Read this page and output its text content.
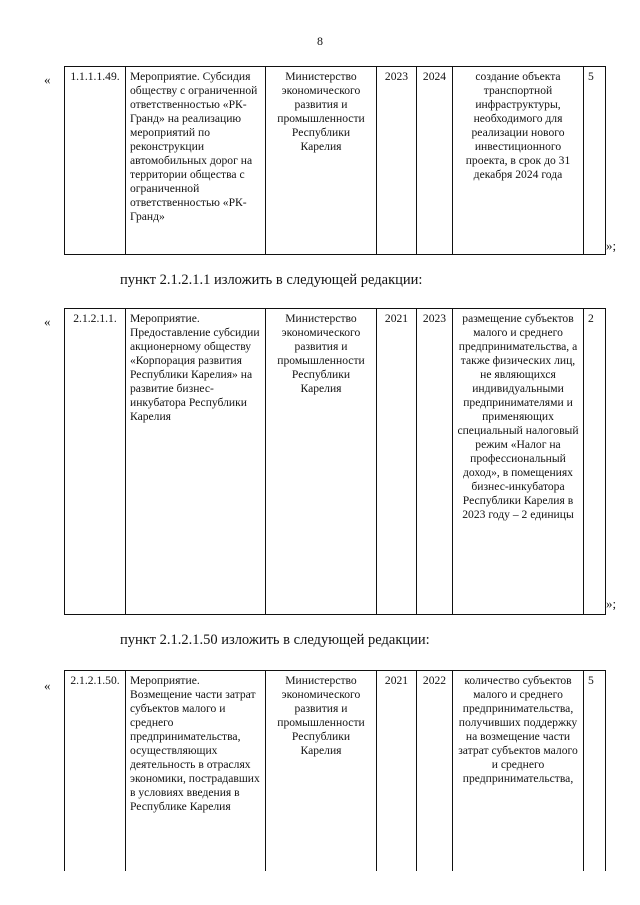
8
« 1.1.1.1.49.	Мероприятие. Субсидия обществу с ограниченной ответственностью «РК-Гранд» на реализацию мероприятий по реконструкции автомобильных дорог на территории общества с ограниченной ответственностью «РК-Гранд»	Министерство экономического развития и промышленности Республики Карелия	2023	2024	создание объекта транспортной инфраструктуры, необходимого для реализации нового инвестиционного проекта, в срок до 31 декабря 2024 года	5
»;
пункт 2.1.2.1.1 изложить в следующей редакции:
« 2.1.2.1.1.	Мероприятие. Предоставление субсидии акционерному обществу «Корпорация развития Республики Карелия» на развитие бизнес-инкубатора Республики Карелия	Министерство экономического развития и промышленности Республики Карелия	2021	2023	размещение субъектов малого и среднего предпринимательства, а также физических лиц, не являющихся индивидуальными предпринимателями и применяющих специальный налоговый режим «Налог на профессиональный доход», в помещениях бизнес-инкубатора Республики Карелия в 2023 году – 2 единицы	2
»;
пункт 2.1.2.1.50 изложить в следующей редакции:
« 2.1.2.1.50.	Мероприятие. Возмещение части затрат субъектов малого и среднего предпринимательства, осуществляющих деятельность в отраслях экономики, пострадавших в условиях введения в Республике Карелия	Министерство экономического развития и промышленности Республики Карелия	2021	2022	количество субъектов малого и среднего предпринимательства, получивших поддержку на возмещение части затрат субъектов малого и среднего предпринимательства,	5
